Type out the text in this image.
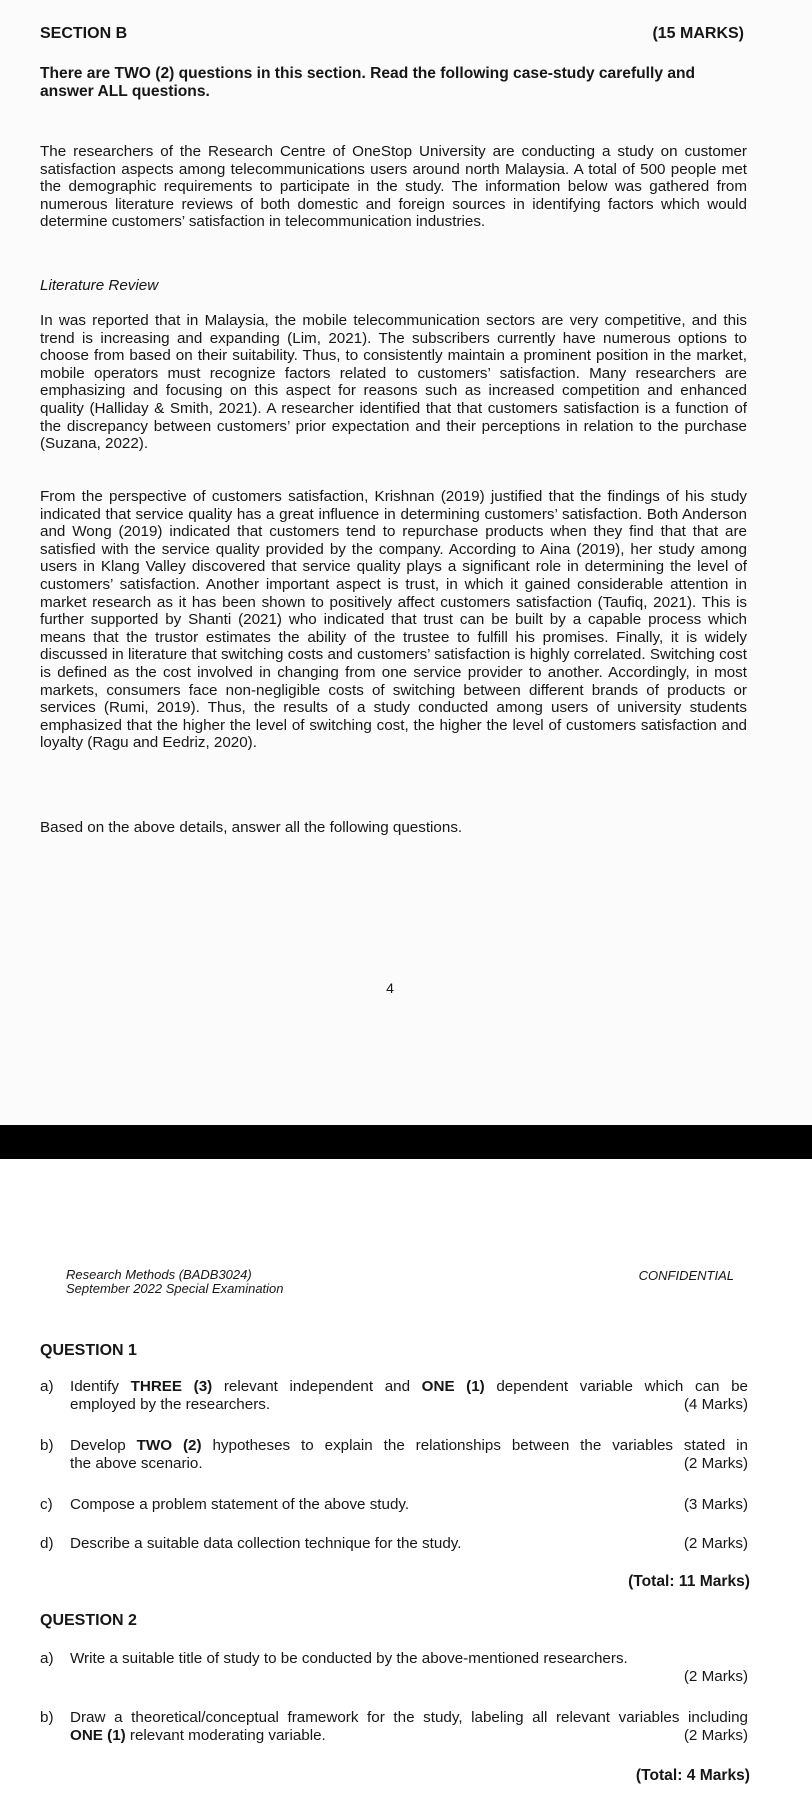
SECTION B	(15 MARKS)

There are TWO (2) questions in this section. Read the following case-study carefully and answer ALL questions.

The researchers of the Research Centre of OneStop University are conducting a study on customer satisfaction aspects among telecommunications users around north Malaysia. A total of 500 people met the demographic requirements to participate in the study. The information below was gathered from numerous literature reviews of both domestic and foreign sources in identifying factors which would determine customers’ satisfaction in telecommunication industries.

Literature Review

In was reported that in Malaysia, the mobile telecommunication sectors are very competitive, and this trend is increasing and expanding (Lim, 2021). The subscribers currently have numerous options to choose from based on their suitability. Thus, to consistently maintain a prominent position in the market, mobile operators must recognize factors related to customers’ satisfaction. Many researchers are emphasizing and focusing on this aspect for reasons such as increased competition and enhanced quality (Halliday & Smith, 2021). A researcher identified that that customers satisfaction is a function of the discrepancy between customers’ prior expectation and their perceptions in relation to the purchase (Suzana, 2022).

From the perspective of customers satisfaction, Krishnan (2019) justified that the findings of his study indicated that service quality has a great influence in determining customers’ satisfaction. Both Anderson and Wong (2019) indicated that customers tend to repurchase products when they find that that are satisfied with the service quality provided by the company. According to Aina (2019), her study among users in Klang Valley discovered that service quality plays a significant role in determining the level of customers’ satisfaction. Another important aspect is trust, in which it gained considerable attention in market research as it has been shown to positively affect customers satisfaction (Taufiq, 2021). This is further supported by Shanti (2021) who indicated that trust can be built by a capable process which means that the trustor estimates the ability of the trustee to fulfill his promises. Finally, it is widely discussed in literature that switching costs and customers’ satisfaction is highly correlated. Switching cost is defined as the cost involved in changing from one service provider to another. Accordingly, in most markets, consumers face non-negligible costs of switching between different brands of products or services (Rumi, 2019). Thus, the results of a study conducted among users of university students emphasized that the higher the level of switching cost, the higher the level of customers satisfaction and loyalty (Ragu and Eedriz, 2020).

Based on the above details, answer all the following questions.
4
Research Methods (BADB3024)
September 2022 Special Examination
CONFIDENTIAL
QUESTION 1
a) Identify THREE (3) relevant independent and ONE (1) dependent variable which can be
employed by the researchers.	(4 Marks)
b) Develop TWO (2) hypotheses to explain the relationships between the variables stated in
the above scenario.	(2 Marks)
c) Compose a problem statement of the above study.	(3 Marks)
d) Describe a suitable data collection technique for the study.	(2 Marks)
(Total: 11 Marks)
QUESTION 2
a) Write a suitable title of study to be conducted by the above-mentioned researchers.
(2 Marks)
b) Draw a theoretical/conceptual framework for the study, labeling all relevant variables including
ONE (1) relevant moderating variable.	(2 Marks)
(Total: 4 Marks)
